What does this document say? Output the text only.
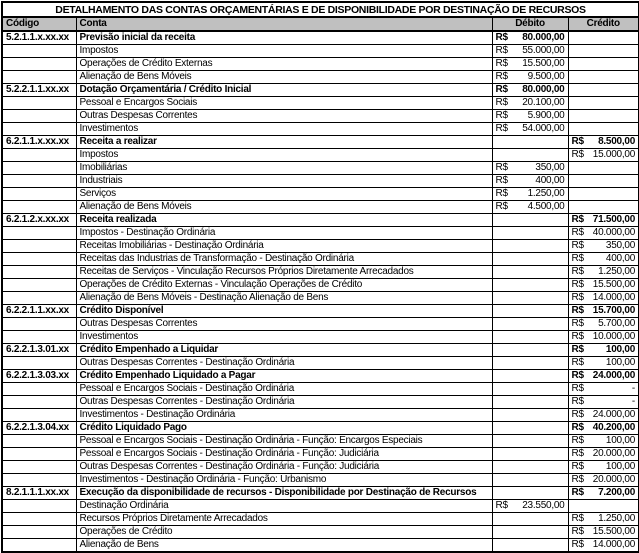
DETALHAMENTO DAS CONTAS ORÇAMENTÁRIAS E DE DISPONIBILIDADE POR DESTINAÇÃO DE RECURSOS			
Código	Conta	Débito	Crédito
5.2.1.1.x.xx.xx	Previsão inicial da receita	R$ 80.000,00	
	Impostos	R$ 55.000,00	
	Operações de Crédito Externas	R$ 15.500,00	
	Alienação de Bens Móveis	R$ 9.500,00	
5.2.2.1.1.xx.xx	Dotação Orçamentária / Crédito Inicial	R$ 80.000,00	
	Pessoal e Encargos Sociais	R$ 20.100,00	
	Outras Despesas Correntes	R$ 5.900,00	
	Investimentos	R$ 54.000,00	
6.2.1.1.x.xx.xx	Receita a realizar		R$ 8.500,00
	Impostos		R$ 15.000,00
	Imobiliárias	R$ 350,00	
	Industriais	R$ 400,00	
	Serviços	R$ 1.250,00	
	Alienação de Bens Móveis	R$ 4.500,00	
6.2.1.2.x.xx.xx	Receita realizada		R$ 71.500,00
	Impostos - Destinação Ordinária		R$ 40.000,00
	Receitas Imobiliárias - Destinação Ordinária		R$ 350,00
	Receitas das Industrias de Transformação - Destinação Ordinária		R$ 400,00
	Receitas de Serviços - Vinculação Recursos Próprios Diretamente Arrecadados		R$ 1.250,00
	Operações de Crédito Externas - Vinculação Operações de Crédito		R$ 15.500,00
	Alienação de Bens Móveis - Destinação Alienação de Bens		R$ 14.000,00
6.2.2.1.1.xx.xx	Crédito Disponível		R$ 15.700,00
	Outras Despesas Correntes		R$ 5.700,00
	Investimentos		R$ 10.000,00
6.2.2.1.3.01.xx	Crédito Empenhado a Liquidar		R$ 100,00
	Outras Despesas Correntes - Destinação Ordinária		R$ 100,00
6.2.2.1.3.03.xx	Crédito Empenhado Liquidado a Pagar		R$ 24.000,00
	Pessoal e Encargos Sociais - Destinação Ordinária		R$ -
	Outras Despesas Correntes - Destinação Ordinária		R$ -
	Investimentos - Destinação Ordinária		R$ 24.000,00
6.2.2.1.3.04.xx	Crédito Liquidado Pago		R$ 40.200,00
	Pessoal e Encargos Sociais - Destinação Ordinária - Função: Encargos Especiais		R$ 100,00
	Pessoal e Encargos Sociais - Destinação Ordinária - Função: Judiciária		R$ 20.000,00
	Outras Despesas Correntes - Destinação Ordinária - Função: Judiciária		R$ 100,00
	Investimentos - Destinação Ordinária - Função: Urbanismo		R$ 20.000,00
8.2.1.1.1.xx.xx	Execução da disponibilidade de recursos - Disponibilidade por Destinação de Recursos		R$ 7.200,00
	Destinação Ordinária	R$ 23.550,00	
	Recursos Próprios Diretamente Arrecadados		R$ 1.250,00
	Operações de Crédito		R$ 15.500,00
	Alienação de Bens		R$ 14.000,00
